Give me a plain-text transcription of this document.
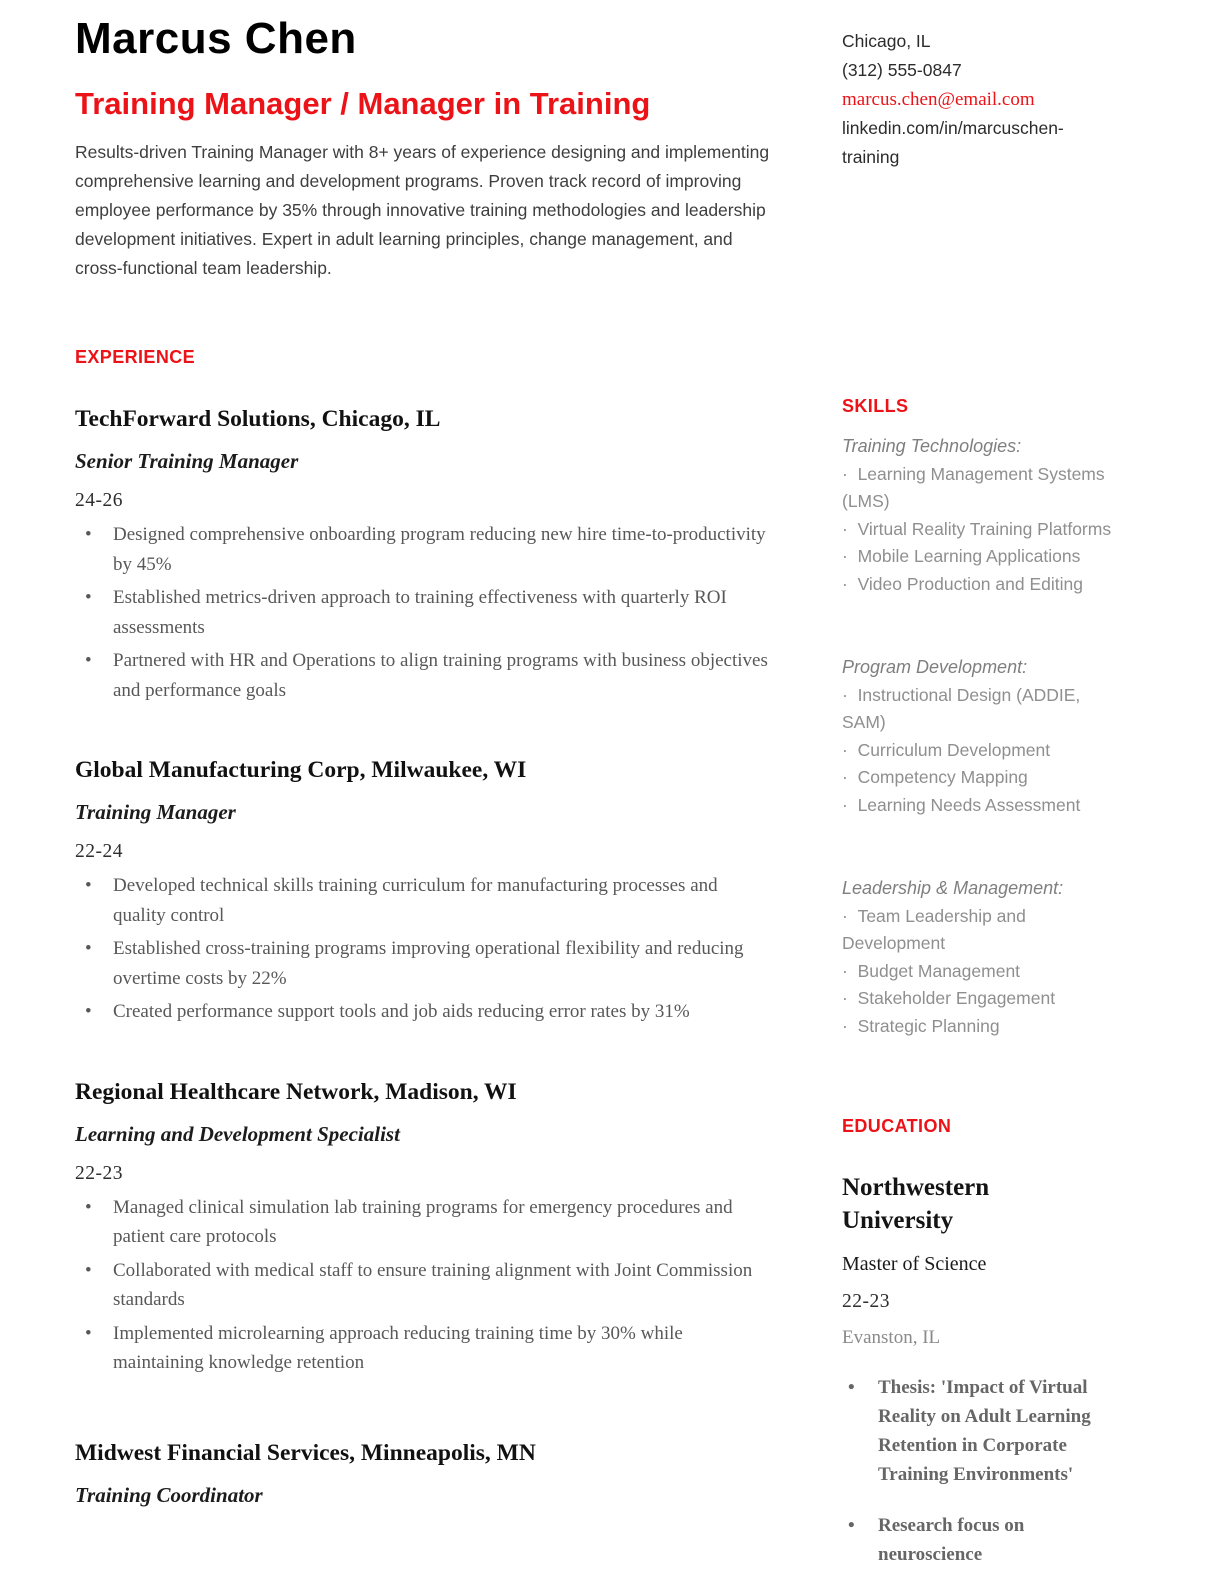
Marcus Chen
Training Manager / Manager in Training

Results-driven Training Manager with 8+ years of experience designing and implementing comprehensive learning and development programs. Proven track record of improving employee performance by 35% through innovative training methodologies and leadership development initiatives. Expert in adult learning principles, change management, and cross-functional team leadership.

EXPERIENCE
TechForward Solutions, Chicago, IL
Senior Training Manager
24-26
• Designed comprehensive onboarding program reducing new hire time-to-productivity by 45%
• Established metrics-driven approach to training effectiveness with quarterly ROI assessments
• Partnered with HR and Operations to align training programs with business objectives and performance goals
Global Manufacturing Corp, Milwaukee, WI
Training Manager
22-24
• Developed technical skills training curriculum for manufacturing processes and quality control
• Established cross-training programs improving operational flexibility and reducing overtime costs by 22%
• Created performance support tools and job aids reducing error rates by 31%
Regional Healthcare Network, Madison, WI
Learning and Development Specialist
22-23
• Managed clinical simulation lab training programs for emergency procedures and patient care protocols
• Collaborated with medical staff to ensure training alignment with Joint Commission standards
• Implemented microlearning approach reducing training time by 30% while maintaining knowledge retention
Midwest Financial Services, Minneapolis, MN
Training Coordinator
Chicago, IL
(312) 555-0847
marcus.chen@email.com
linkedin.com/in/marcuschen-training
SKILLS
Training Technologies:

·  Learning Management Systems (LMS)

·  Virtual Reality Training Platforms

·  Mobile Learning Applications

·  Video Production and Editing

Program Development:

·  Instructional Design (ADDIE, SAM)

·  Curriculum Development

·  Competency Mapping

·  Learning Needs Assessment

Leadership & Management:

·  Team Leadership and Development

·  Budget Management

·  Stakeholder Engagement

·  Strategic Planning

EDUCATION
Northwestern University
Master of Science
22-23
Evanston, IL
• Thesis: 'Impact of Virtual Reality on Adult Learning Retention in Corporate Training Environments'
• Research focus on neuroscience
